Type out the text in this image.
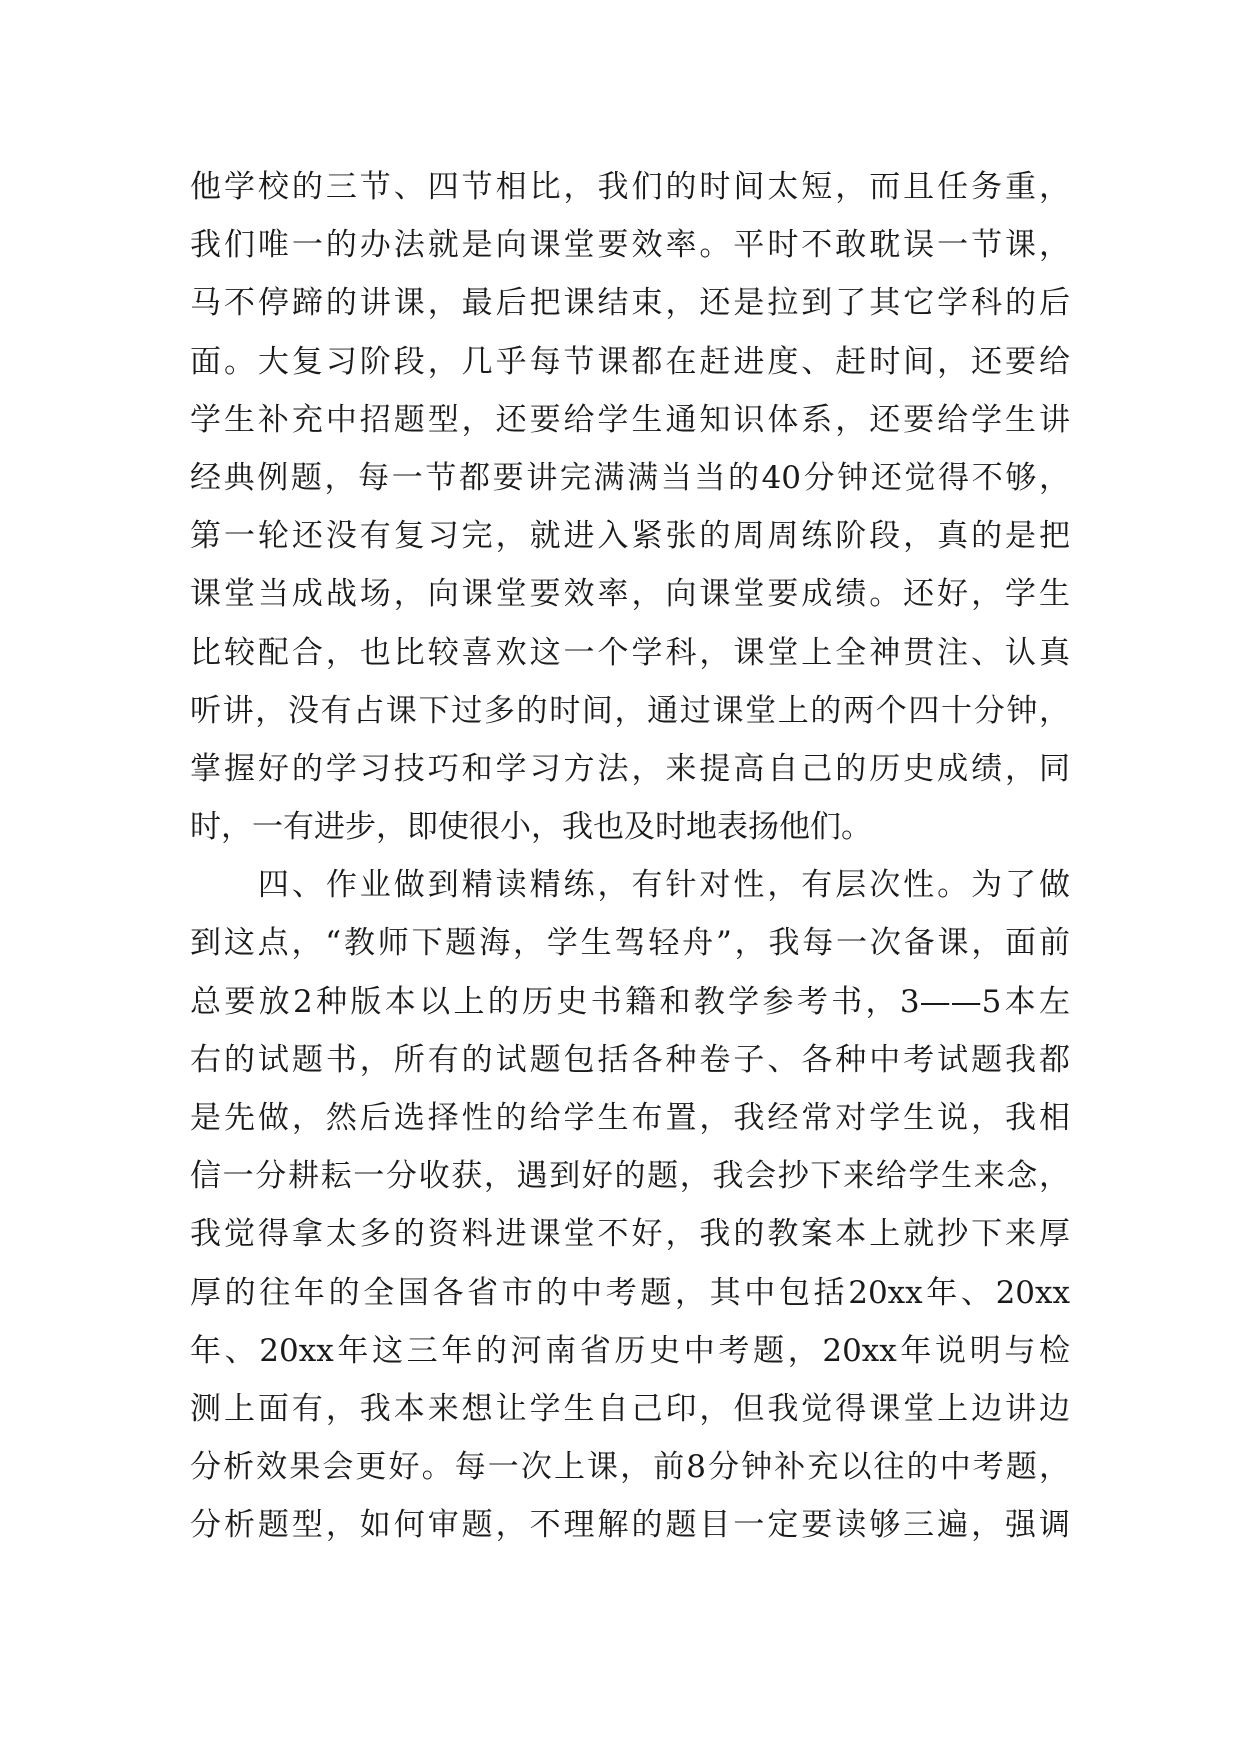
他学校的三节、四节相比，我们的时间太短，而且任务重，
我们唯一的办法就是向课堂要效率。平时不敢耽误一节课，
马不停蹄的讲课，最后把课结束，还是拉到了其它学科的后
面。大复习阶段，几乎每节课都在赶进度、赶时间，还要给
学生补充中招题型，还要给学生通知识体系，还要给学生讲
经典例题，每一节都要讲完满满当当的40分钟还觉得不够，
第一轮还没有复习完，就进入紧张的周周练阶段，真的是把
课堂当成战场，向课堂要效率，向课堂要成绩。还好，学生
比较配合，也比较喜欢这一个学科，课堂上全神贯注、认真
听讲，没有占课下过多的时间，通过课堂上的两个四十分钟，
掌握好的学习技巧和学习方法，来提高自己的历史成绩，同
时，一有进步，即使很小，我也及时地表扬他们。
　　四、作业做到精读精练，有针对性，有层次性。为了做
到这点，“教师下题海，学生驾轻舟”，我每一次备课，面前
总要放2种版本以上的历史书籍和教学参考书，3——5本左
右的试题书，所有的试题包括各种卷子、各种中考试题我都
是先做，然后选择性的给学生布置，我经常对学生说，我相
信一分耕耘一分收获，遇到好的题，我会抄下来给学生来念，
我觉得拿太多的资料进课堂不好，我的教案本上就抄下来厚
厚的往年的全国各省市的中考题，其中包括20xx年、20xx
年、20xx年这三年的河南省历史中考题，20xx年说明与检
测上面有，我本来想让学生自己印，但我觉得课堂上边讲边
分析效果会更好。每一次上课，前8分钟补充以往的中考题，
分析题型，如何审题，不理解的题目一定要读够三遍，强调
